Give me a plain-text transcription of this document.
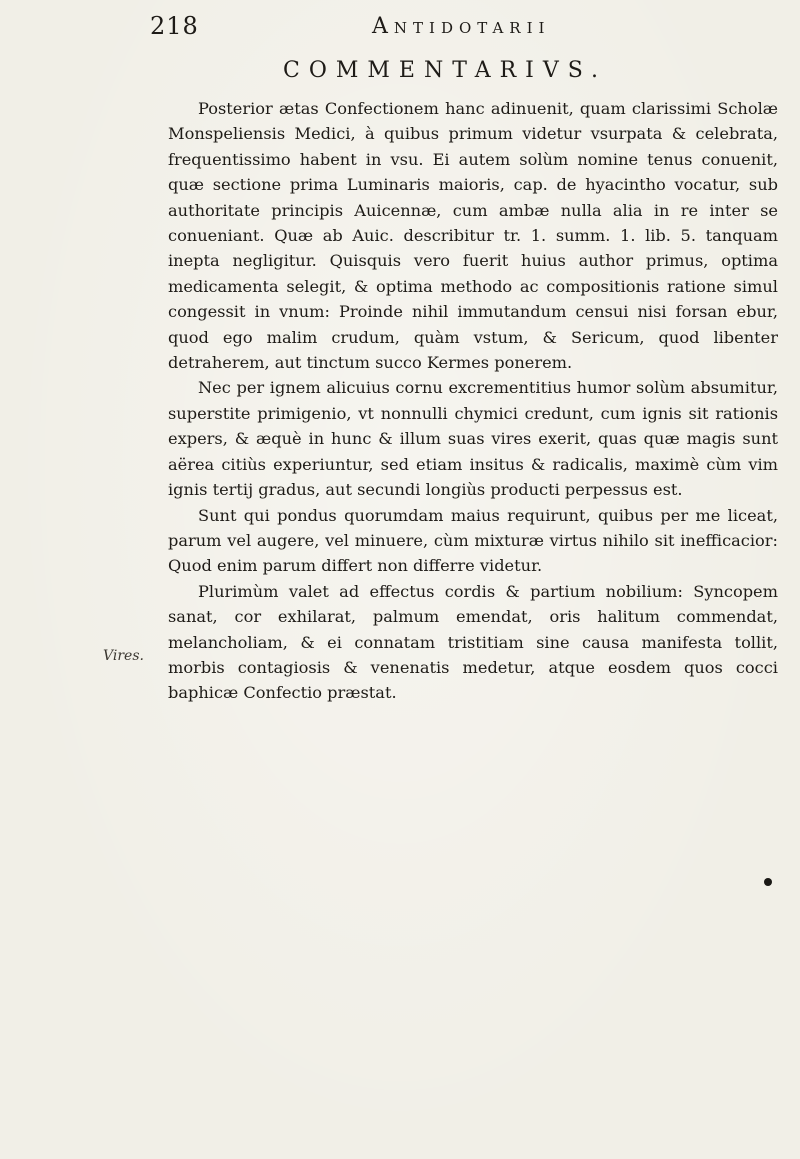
218	Antidotarii
COMMENTARIVS.

Posterior ætas Confectionem hanc adinuenit, quam clarissimi Scholæ Monspeliensis Medici, à quibus primum videtur vsurpata & celebrata, frequentissimo habent in vsu. Ei autem solùm nomine tenus conuenit, quæ sectione prima Luminaris maioris, cap. de hyacintho vocatur, sub authoritate principis Auicennæ, cum ambæ nulla alia in re inter se conueniant. Quæ ab Auic. describitur tr. 1. summ. 1. lib. 5. tanquam inepta negligitur. Quisquis vero fuerit huius author primus, optima medicamenta selegit, & optima methodo ac compositionis ratione simul congessit in vnum: Proinde nihil immutandum censui nisi forsan ebur, quod ego malim crudum, quàm vstum, & Sericum, quod libenter detraherem, aut tinctum succo Kermes ponerem.

Nec per ignem alicuius cornu excrementitius humor solùm absumitur, superstite primigenio, vt nonnulli chymici credunt, cum ignis sit rationis expers, & æquè in hunc & illum suas vires exerit, quas quæ magis sunt aërea citiùs experiuntur, sed etiam insitus & radicalis, maximè cùm vim ignis tertij gradus, aut secundi longiùs producti perpessus est.

Sunt qui pondus quorumdam maius requirunt, quibus per me liceat, parum vel augere, vel minuere, cùm mixturæ virtus nihilo sit inefficacior: Quod enim parum differt non differre videtur.

Plurimùm valet ad effectus cordis & partium nobilium: Syncopem sanat, cor exhilarat, palmum emendat, oris halitum commendat, melancholiam, & ei connatam tristitiam sine causa manifesta tollit, morbis contagiosis & venenatis medetur, atque eosdem quos cocci baphicæ Confectio præstat.

Vires.
